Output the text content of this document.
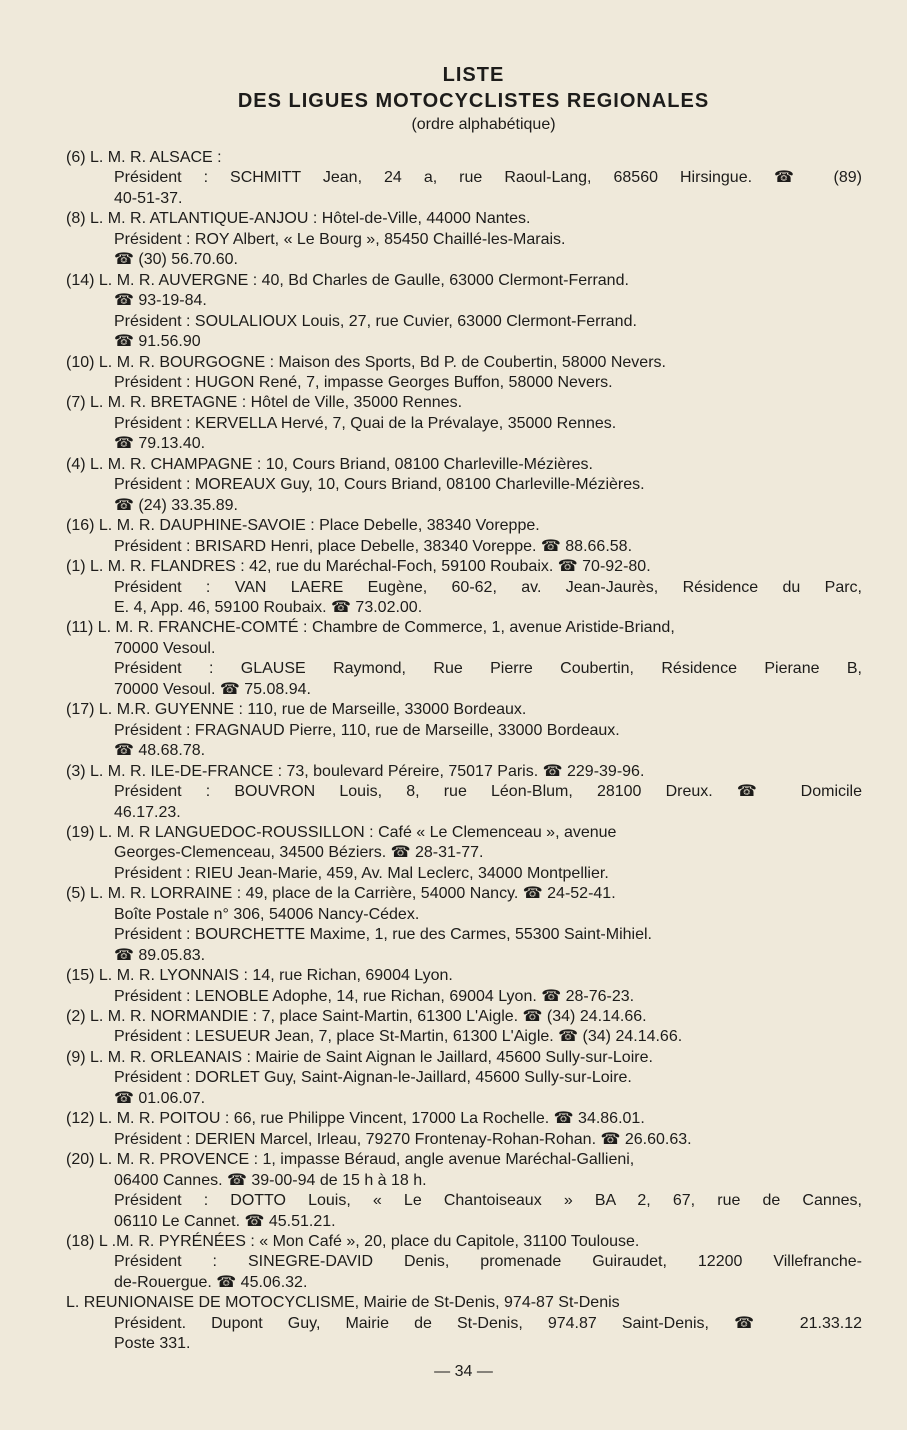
LISTE
DES LIGUES MOTOCYCLISTES REGIONALES
(ordre alphabétique)
(6) L. M. R. ALSACE :
Président : SCHMITT Jean, 24 a, rue Raoul-Lang, 68560 Hirsingue. ☎ (89)
40-51-37.
(8) L. M. R. ATLANTIQUE-ANJOU : Hôtel-de-Ville, 44000 Nantes.
Président : ROY Albert, « Le Bourg », 85450 Chaillé-les-Marais.
☎ (30) 56.70.60.
(14) L. M. R. AUVERGNE : 40, Bd Charles de Gaulle, 63000 Clermont-Ferrand.
☎ 93-19-84.
Président : SOULALIOUX Louis, 27, rue Cuvier, 63000 Clermont-Ferrand.
☎ 91.56.90
(10) L. M. R. BOURGOGNE : Maison des Sports, Bd P. de Coubertin, 58000 Nevers.
Président : HUGON René, 7, impasse Georges Buffon, 58000 Nevers.
(7) L. M. R. BRETAGNE : Hôtel de Ville, 35000 Rennes.
Président : KERVELLA Hervé, 7, Quai de la Prévalaye, 35000 Rennes.
☎ 79.13.40.
(4) L. M. R. CHAMPAGNE : 10, Cours Briand, 08100 Charleville-Mézières.
Président : MOREAUX Guy, 10, Cours Briand, 08100 Charleville-Mézières.
☎ (24) 33.35.89.
(16) L. M. R. DAUPHINE-SAVOIE : Place Debelle, 38340 Voreppe.
Président : BRISARD Henri, place Debelle, 38340 Voreppe. ☎ 88.66.58.
(1) L. M. R. FLANDRES : 42, rue du Maréchal-Foch, 59100 Roubaix. ☎ 70-92-80.
Président : VAN LAERE Eugène, 60-62, av. Jean-Jaurès, Résidence du Parc,
E. 4, App. 46, 59100 Roubaix. ☎ 73.02.00.
(11) L. M. R. FRANCHE-COMTÉ : Chambre de Commerce, 1, avenue Aristide-Briand,
70000 Vesoul.
Président : GLAUSE Raymond, Rue Pierre Coubertin, Résidence Pierane B,
70000 Vesoul. ☎ 75.08.94.
(17) L. M.R. GUYENNE : 110, rue de Marseille, 33000 Bordeaux.
Président : FRAGNAUD Pierre, 110, rue de Marseille, 33000 Bordeaux.
☎ 48.68.78.
(3) L. M. R. ILE-DE-FRANCE : 73, boulevard Péreire, 75017 Paris. ☎ 229-39-96.
Président : BOUVRON Louis, 8, rue Léon-Blum, 28100 Dreux. ☎ Domicile
46.17.23.
(19) L. M. R LANGUEDOC-ROUSSILLON : Café « Le Clemenceau », avenue
Georges-Clemenceau, 34500 Béziers. ☎ 28-31-77.
Président : RIEU Jean-Marie, 459, Av. Mal Leclerc, 34000 Montpellier.
(5) L. M. R. LORRAINE : 49, place de la Carrière, 54000 Nancy. ☎ 24-52-41.
Boîte Postale n° 306, 54006 Nancy-Cédex.
Président : BOURCHETTE Maxime, 1, rue des Carmes, 55300 Saint-Mihiel.
☎ 89.05.83.
(15) L. M. R. LYONNAIS : 14, rue Richan, 69004 Lyon.
Président : LENOBLE Adophe, 14, rue Richan, 69004 Lyon. ☎ 28-76-23.
(2) L. M. R. NORMANDIE : 7, place Saint-Martin, 61300 L'Aigle. ☎ (34) 24.14.66.
Président : LESUEUR Jean, 7, place St-Martin, 61300 L'Aigle. ☎ (34) 24.14.66.
(9) L. M. R. ORLEANAIS : Mairie de Saint Aignan le Jaillard, 45600 Sully-sur-Loire.
Président : DORLET Guy, Saint-Aignan-le-Jaillard, 45600 Sully-sur-Loire.
☎ 01.06.07.
(12) L. M. R. POITOU : 66, rue Philippe Vincent, 17000 La Rochelle. ☎ 34.86.01.
Président : DERIEN Marcel, Irleau, 79270 Frontenay-Rohan-Rohan. ☎ 26.60.63.
(20) L. M. R. PROVENCE : 1, impasse Béraud, angle avenue Maréchal-Gallieni,
06400 Cannes. ☎ 39-00-94 de 15 h à 18 h.
Président : DOTTO Louis, « Le Chantoiseaux » BA 2, 67, rue de Cannes,
06110 Le Cannet. ☎ 45.51.21.
(18) L .M. R. PYRÉNÉES : « Mon Café », 20, place du Capitole, 31100 Toulouse.
Président : SINEGRE-DAVID Denis, promenade Guiraudet, 12200 Villefranche-
de-Rouergue. ☎ 45.06.32.
L. REUNIONAISE DE MOTOCYCLISME, Mairie de St-Denis, 974-87 St-Denis
Président. Dupont Guy, Mairie de St-Denis, 974.87 Saint-Denis, ☎ 21.33.12
Poste 331.
— 34 —
